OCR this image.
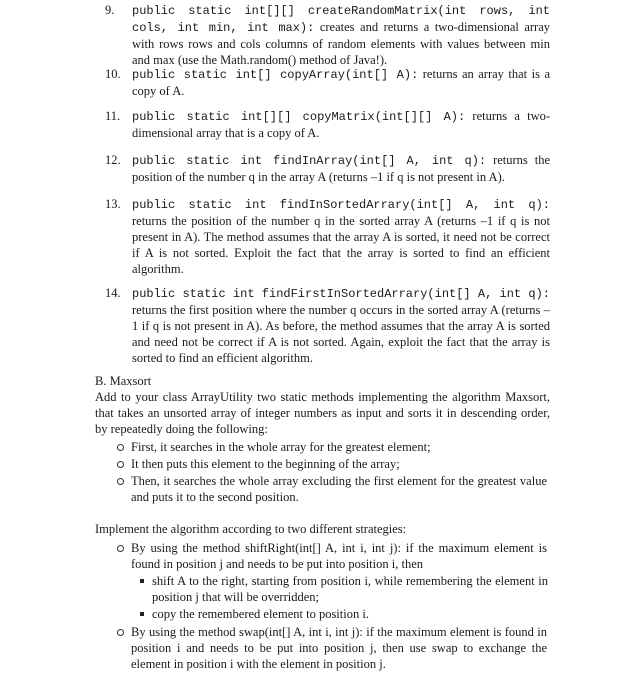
9. public static int[][] createRandomMatrix(int rows, int cols, int min, int max): creates and returns a two-dimensional array with rows rows and cols columns of random elements with values between min and max (use the Math.random() method of Java!).
10. public static int[] copyArray(int[] A): returns an array that is a copy of A.
11. public static int[][] copyMatrix(int[][] A): returns a two-dimensional array that is a copy of A.
12. public static int findInArray(int[] A, int q): returns the position of the number q in the array A (returns –1 if q is not present in A).
13. public static int findInSortedArrary(int[] A, int q): returns the position of the number q in the sorted array A (returns –1 if q is not present in A). The method assumes that the array A is sorted, it need not be correct if A is not sorted. Exploit the fact that the array is sorted to find an efficient algorithm.
14. public static int findFirstInSortedArrary(int[] A, int q): returns the first position where the number q occurs in the sorted array A (returns –1 if q is not present in A). As before, the method assumes that the array A is sorted and need not be correct if A is not sorted. Again, exploit the fact that the array is sorted to find an efficient algorithm.
B. Maxsort
Add to your class ArrayUtility two static methods implementing the algorithm Maxsort, that takes an unsorted array of integer numbers as input and sorts it in descending order, by repeatedly doing the following:
First, it searches in the whole array for the greatest element;
It then puts this element to the beginning of the array;
Then, it searches the whole array excluding the first element for the greatest value and puts it to the second position.
Implement the algorithm according to two different strategies:
By using the method shiftRight(int[] A, int i, int j): if the maximum element is found in position j and needs to be put into position i, then
shift A to the right, starting from position i, while remembering the element in position j that will be overridden;
copy the remembered element to position i.
By using the method swap(int[] A, int i, int j): if the maximum element is found in position i and needs to be put into position j, then use swap to exchange the element in position i with the element in position j.
